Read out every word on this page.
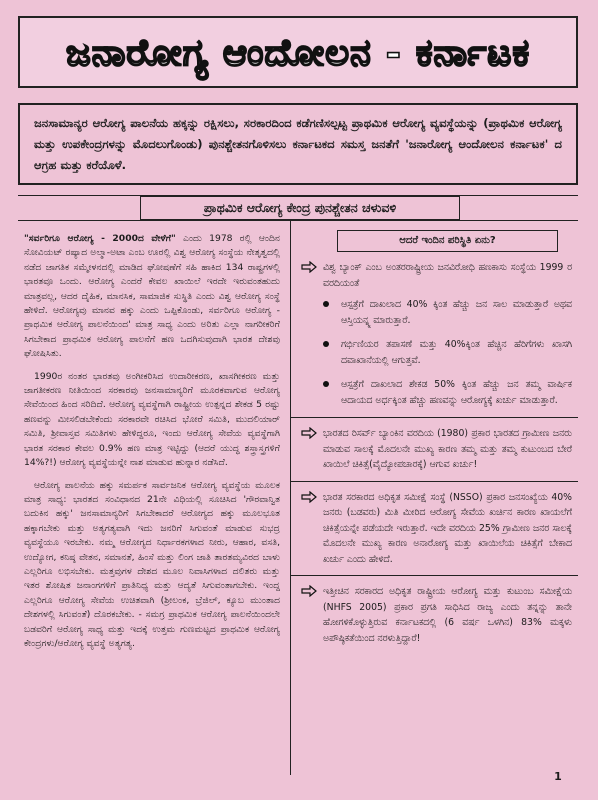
ಜನಾರೋಗ್ಯ ಆಂದೋಲನ - ಕರ್ನಾಟಕ
ಜನಸಾಮಾನ್ಯರ ಆರೋಗ್ಯ ಪಾಲನೆಯ ಹಕ್ಕನ್ನು ರಕ್ಷಿಸಲು, ಸರಕಾರದಿಂದ ಕಡೆಗಣಿಸಲ್ಪಟ್ಟ ಪ್ರಾಥಮಿಕ ಆರೋಗ್ಯ ವ್ಯವಸ್ಥೆಯನ್ನು (ಪ್ರಾಥಮಿಕ ಆರೋಗ್ಯ ಮತ್ತು ಉಪಕೇಂದ್ರಗಳನ್ನು ಮೊದಲುಗೊಂಡು) ಪುನಶ್ಚೇತನಗೊಳಿಸಲು ಕರ್ನಾಟಕದ ಸಮಸ್ತ ಜನತೆಗೆ 'ಜನಾರೋಗ್ಯ ಆಂದೋಲನ ಕರ್ನಾಟಕ' ದ ಆಗ್ರಹ ಮತ್ತು ಕರೆಯೊಳೆ.
ಪ್ರಾಥಮಿಕ ಆರೋಗ್ಯ ಕೇಂದ್ರ ಪುನಶ್ಚೇತನ ಚಳುವಳಿ

"ಸರ್ವರಿಗೂ ಆರೋಗ್ಯ - 2000ದ ವೇಳೆಗೆ" ಎಂದು 1978 ರಲ್ಲಿ ಆಂದಿನ ಸೋವಿಯಟ್ ರಷ್ಯಾದ ಅಲ್ಮಾ-ಅಟಾ ಎಂಬ ಊರಲ್ಲಿ ವಿಶ್ವ ಆರೋಗ್ಯ ಸಂಸ್ಥೆಯ ನೇತೃತ್ವದಲ್ಲಿ ನಡೆದ ಜಾಗತಿಕ ಸಮ್ಮೇಳನದಲ್ಲಿ ಮಾಡಿದ ಘೋಷಣೆಗೆ ಸಹಿ ಹಾಕಿದ 134 ರಾಷ್ಟ್ರಗಳಲ್ಲಿ ಭಾರತವೂ ಒಂದು. ಆರೋಗ್ಯ ಎಂದರೆ ಕೇವಲ ಖಾಯಿಲೆ ಇರದೇ ಇರುವಂತಹುದು ಮಾತ್ರವಲ್ಲ, ಆದರ ದೈಹಿಕ, ಮಾನಸಿಕ, ಸಾಮಾಜಿಕ ಸುಸ್ಥಿತಿ ಎಂದು ವಿಶ್ವ ಆರೋಗ್ಯ ಸಂಸ್ಥೆ ಹೇಳಿದೆ. ಆರೋಗ್ಯವು ಮಾನವ ಹಕ್ಕು ಎಂದು ಒಪ್ಪಿಕೊಂಡು, ಸರ್ವರಿಗೂ ಆರೋಗ್ಯ - ಪ್ರಾಥಮಿಕ ಆರೋಗ್ಯ ಪಾಲನೆಯಿಂದ' ಮಾತ್ರ ಸಾಧ್ಯ ಎಂದು ಅರಿತು ಎಲ್ಲಾ ನಾಗರೀಕರಿಗೆ ಸಿಗಬೇಕಾದ ಪ್ರಾಥಮಿಕ ಆರೋಗ್ಯ ಪಾಲನೆಗೆ ಹಣ ಒದಗಿಸುವುದಾಗಿ ಭಾರತ ದೇಶವು ಘೋಷಿಸಿತು.

1990ರ ನಂತರ ಭಾರತವು ಅಂಗೀಕರಿಸಿದ ಉದಾರೀಕರಣ, ಖಾಸಗೀಕರಣ ಮತ್ತು ಜಾಗತೀಕರಣ ನೀತಿಯಿಂದ ಸರಕಾರವು ಜನಸಾಮಾನ್ಯರಿಗೆ ಮೂರಕವಾಗುವ ಆರೋಗ್ಯ ಸೇವೆಯಿಂದ ಹಿಂದ ಸರಿದಿದೆ. ಆರೋಗ್ಯ ವ್ಯವಸ್ಥೆಗಾಗಿ ರಾಷ್ಟ್ರೀಯ ಉತ್ಪನ್ನದ ಶೇಕಡ 5 ರಷ್ಟು ಹಣವನ್ನು ಮೀಸಲಿಡಬೇಕೆಂದು ಸರಕಾರವೇ ರಚಿಸಿದ ಭೋರೆ ಸಮಿತಿ, ಮುದಲಿಯಾರ್ ಸಮಿತಿ, ಶ್ರೀವಾಸ್ತವ ಸಮಿತಿಗಳು ಹೇಳಿದ್ದರೂ, ಇಂದು ಆರೋಗ್ಯ ಸೇವೆಯ ವ್ಯವಸ್ಥೆಗಾಗಿ ಭಾರತ ಸರಕಾರ ಕೇವಲ 0.9% ಹಣ ಮಾತ್ರ ಇಟ್ಟಿದ್ದು (ಆದರೆ ಯುದ್ಧ ಶಸ್ತ್ರಾಸ್ತ್ರಗಳಿಗೆ 14%?!) ಆರೋಗ್ಯ ವ್ಯವಸ್ಥೆಯನ್ನೇ ನಾಶ ಮಾಡುವ ಹುನ್ನಾರ ನಡೆಸಿದೆ.

ಆರೋಗ್ಯ ಪಾಲನೆಯ ಹಕ್ಕು ಸಮರ್ಪಕ ಸಾರ್ವಜನಿಕ ಆರೋಗ್ಯ ವ್ಯವಸ್ಥೆಯ ಮೂಲಕ ಮಾತ್ರ ಸಾಧ್ಯ: ಭಾರತದ ಸಂವಿಧಾನದ 21ನೇ ವಿಧಿಯಲ್ಲಿ ಸೂಚಿಸಿದ 'ಗೌರವಾನ್ವಿತ ಬದುಕಿನ ಹಕ್ಕು' ಜನಸಾಮಾನ್ಯರಿಗೆ ಸಿಗಬೇಕಾದರೆ ಆರೋಗ್ಯದ ಹಕ್ಕು ಮೂಲಭೂತ ಹಕ್ಕಾಗಬೇಕು ಮತ್ತು ಅತ್ಯಗತ್ಯವಾಗಿ ಇದು ಜನರಿಗೆ ಸಿಗುವಂತೆ ಮಾಡುವ ಸುಭದ್ರ ವ್ಯವಸ್ಥೆಯೂ ಇರಬೇಕು. ನಮ್ಮ ಆರೋಗ್ಯದ ನಿರ್ಧಾರಕಗಳಾದ ನೀರು, ಆಹಾರ, ವಸತಿ, ಉದ್ಯೋಗ, ಕನಿಷ್ಠ ವೇತನ, ಸಮಾನತೆ, ಹಿಂಸೆ ಮತ್ತು ಲಿಂಗ ಜಾತಿ ತಾರತಮ್ಯವಿರದ ಬಾಳು ಎಲ್ಲರಿಗೂ ಲಭಿಸಬೇಕು. ಮತ್ತವುಗಳ ದೇಶದ ಮೂಲ ನಿವಾಸಿಗಳಾದ ದಲಿತರು ಮತ್ತು ಇತರ ಶೋಷಿತ ಜನಾಂಗಗಳಿಗೆ ಪ್ರಾತಿನಿಧ್ಯ ಮತ್ತು ಆದ್ಯತೆ ಸಿಗುವಂತಾಗಬೇಕು. ಇಂದ್ದ ಎಲ್ಲರಿಗೂ ಆರೋಗ್ಯ ಸೇವೆಯ ಉಚಿತವಾಗಿ (ಶ್ರೀಲಂಕ, ಬ್ರೆಜಿಲ್, ಕ್ಯೂಬ ಮುಂತಾದ ದೇಶಗಳಲ್ಲಿ ಸಿಗುವಂತೆ) ದೊರಕಬೇಕು. - ಸಮಗ್ರ ಪ್ರಾಥಮಿಕ ಆರೋಗ್ಯ ಪಾಲನೆಯಿಂದಲೇ ಬಡವರಿಗೆ ಆರೋಗ್ಯ ಸಾಧ್ಯ ಮತ್ತು ಇದಕ್ಕೆ ಉತ್ತಮ ಗುಣಮಟ್ಟದ ಪ್ರಾಥಮಿಕ ಆರೋಗ್ಯ ಕೇಂದ್ರಗಳು/ಆರೋಗ್ಯ ವ್ಯವಸ್ಥೆ ಅತ್ಯಗತ್ಯ.

ಆದರೆ ಇಂದಿನ ಪರಿಸ್ಥಿತಿ ಏನು?
ವಿಶ್ವ ಬ್ಯಾಂಕ್ ಎಂಬ ಅಂತರರಾಷ್ಟ್ರೀಯ ಜನವಿರೋಧಿ ಹಣಕಾಸು ಸಂಸ್ಥೆಯ 1999 ರ ವರದಿಯಂತೆ
ಆಸ್ಪತ್ರೆಗೆ ದಾಖಲಾದ 40% ಕ್ಕಿಂತ ಹೆಚ್ಚು ಜನ ಸಾಲ ಮಾಡುತ್ತಾರೆ ಅಥವ ಆಸ್ತಿಯನ್ನ್ನ ಮಾರುತ್ತಾರೆ.
ಗರ್ಭಿಣಿಯರ ತಪಾಸಣೆ ಮತ್ತು 40%ಕ್ಕಿಂತ ಹೆಚ್ಚಿನ ಹೆರಿಗೆಗಳು ಖಾಸಗಿ ದವಾಖಾನೆಯಲ್ಲಿ ಆಗುತ್ತವೆ.
ಆಸ್ಪತ್ರೆಗೆ ದಾಖಲಾದ ಶೇಕಡ 50% ಕ್ಕಿಂತ ಹೆಚ್ಚು ಜನ ತಮ್ಮ ವಾರ್ಷಿಕ ಆದಾಯದ ಅರ್ಧಕ್ಕಿಂತ ಹೆಚ್ಚು ಹಣವನ್ನು ಆರೋಗ್ಯಕ್ಕೆ ಖರ್ಚು ಮಾಡುತ್ತಾರೆ.
ಭಾರತದ ರಿಸರ್ವ್ ಬ್ಯಾಂಕಿನ ವರದಿಯ (1980) ಪ್ರಕಾರ ಭಾರತದ ಗ್ರಾಮೀಣ ಜನರು ಮಾಡುವ ಸಾಲಕ್ಕೆ ಮೊದಲನೇ ಮುಖ್ಯ ಕಾರಣ ತಮ್ಮ ಮತ್ತು ತಮ್ಮ ಕುಟುಂಬದ ಬೇರೆ ಖಾಯಿಲೆ ಚಿಕಿತ್ಸೆ(ವೈದ್ಯೋಪಚಾರಕ್ಕೆ) ಆಗುವ ಖರ್ಚು!
ಭಾರತ ಸರಕಾರದ ಅಧಿಕೃತ ಸಮೀಕ್ಷೆ ಸಂಸ್ಥೆ (NSSO) ಪ್ರಕಾರ ಜನಸಂಖ್ಯೆಯ 40% ಜನರು (ಬಡವರು) ಮಿತಿ ಮೀರಿದ ಆರೋಗ್ಯ ಸೇವೆಯ ಖರ್ಚಿನ ಕಾರಣ ಖಾಯಲೆಗೆ ಚಿಕಿತ್ಸೆಯನ್ನೇ ಪಡೆಯದೇ ಇರುತ್ತಾರೆ. ಇದೇ ವರದಿಯ 25% ಗ್ರಾಮೀಣ ಜನರ ಸಾಲಕ್ಕೆ ಮೊದಲನೇ ಮುಖ್ಯ ಕಾರಣ ಅನಾರೋಗ್ಯ ಮತ್ತು ಖಾಯಿಲೆಯ ಚಿಕಿತ್ಸೆಗೆ ಬೇಕಾದ ಖರ್ಚು ಎಂದು ಹೇಳಿದೆ.
ಇತ್ತೀಚಿನ ಸರಕಾರದ ಅಧಿಕೃತ ರಾಷ್ಟ್ರೀಯ ಆರೋಗ್ಯ ಮತ್ತು ಕುಟುಂಬ ಸಮೀಕ್ಷೆಯ (NHFS 2005) ಪ್ರಕಾರ ಪ್ರಗತಿ ಸಾಧಿಸಿದ ರಾಜ್ಯ ಎಂದು ತನ್ನನ್ನು ತಾನೇ ಹೋಗಳಿಕೊಳ್ಳುತ್ತಿರುವ ಕರ್ನಾಟಕದಲ್ಲಿ (6 ವರ್ಷ ಒಳಗಿನ) 83% ಮಕ್ಕಳು ಅಪೌಷ್ಠಿಕತೆಯಿಂದ ನರಳುತ್ತಿದ್ದಾರೆ!
1
